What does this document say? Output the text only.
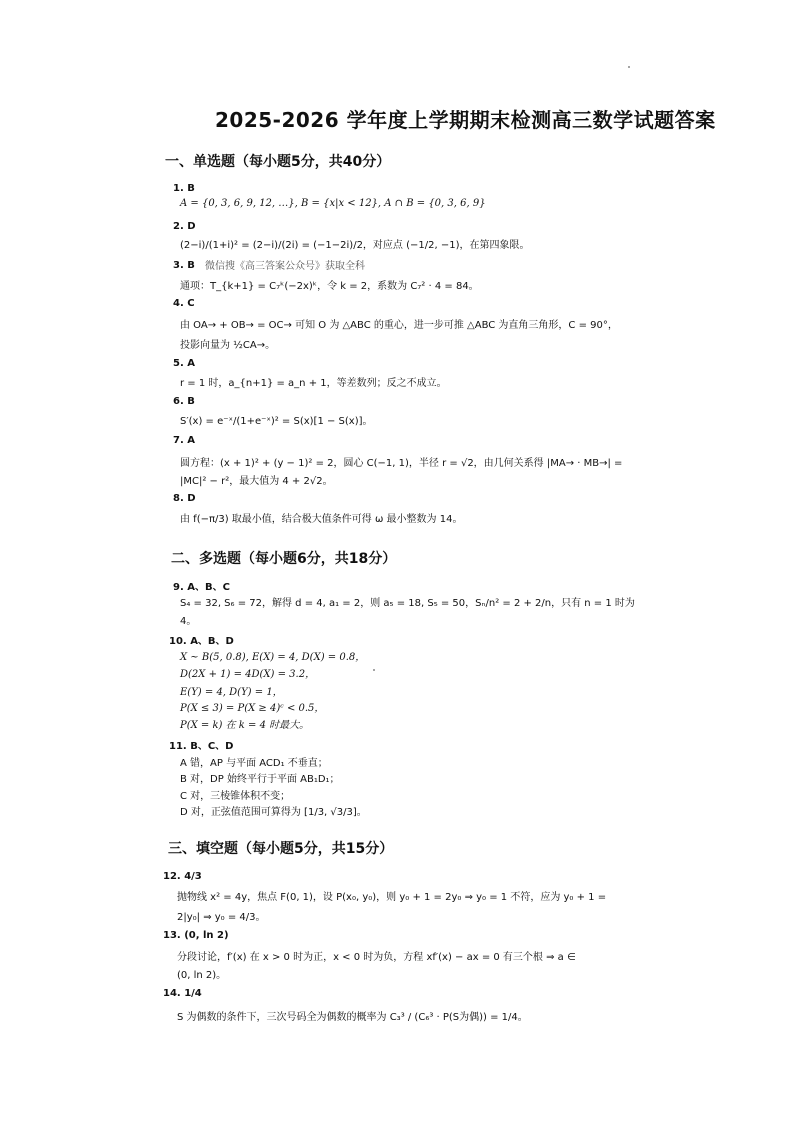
2025-2026 学年度上学期期末检测高三数学试题答案
一、单选题（每小题5分，共40分）
1. B
A = {0, 3, 6, 9, 12, …}, B = {x|x < 12}, A ∩ B = {0, 3, 6, 9}
2. D
(2−i)/(1+i)² = (2−i)/(2i) = (−1−2i)/2，对应点 (−1/2, −1)，在第四象限。
3. B 微信搜《高三答案公众号》获取全科
通项：T_{k+1} = C₇ᵏ(−2x)ᵏ，令 k = 2，系数为 C₇² · 4 = 84。
4. C
由 OA→ + OB→ = OC→ 可知 O 为 △ABC 的重心，进一步可推 △ABC 为直角三角形，C = 90°，
投影向量为 ½CA→。
5. A
r = 1 时，a_{n+1} = a_n + 1，等差数列；反之不成立。
6. B
S′(x) = e⁻ˣ/(1+e⁻ˣ)² = S(x)[1 − S(x)]。
7. A
圆方程：(x + 1)² + (y − 1)² = 2，圆心 C(−1, 1)，半径 r = √2，由几何关系得 |MA→ · MB→| =
|MC|² − r²，最大值为 4 + 2√2。
8. D
由 f(−π/3) 取最小值，结合极大值条件可得 ω 最小整数为 14。
二、多选题（每小题6分，共18分）
9. A、B、C
S₄ = 32, S₆ = 72，解得 d = 4, a₁ = 2，则 a₅ = 18, S₅ = 50，Sₙ/n² = 2 + 2/n，只有 n = 1 时为
4。
10. A、B、D
X ~ B(5, 0.8), E(X) = 4, D(X) = 0.8，
D(2X + 1) = 4D(X) = 3.2，
E(Y) = 4, D(Y) = 1，
P(X ≤ 3) = P(X ≥ 4)ᶜ < 0.5，
P(X = k) 在 k = 4 时最大。
11. B、C、D
A 错，AP 与平面 ACD₁ 不垂直；
B 对，DP 始终平行于平面 AB₁D₁；
C 对，三棱锥体积不变；
D 对，正弦值范围可算得为 [1/3, √3/3]。
三、填空题（每小题5分，共15分）
12. 4/3
抛物线 x² = 4y，焦点 F(0, 1)，设 P(x₀, y₀)，则 y₀ + 1 = 2y₀ ⇒ y₀ = 1 不符，应为 y₀ + 1 =
2|y₀| ⇒ y₀ = 4/3。
13. (0, ln 2)
分段讨论，f′(x) 在 x > 0 时为正，x < 0 时为负，方程 xf′(x) − ax = 0 有三个根 ⇒ a ∈
(0, ln 2)。
14. 1/4
S 为偶数的条件下，三次号码全为偶数的概率为 C₃³ / (C₆³ · P(S为偶)) = 1/4。
